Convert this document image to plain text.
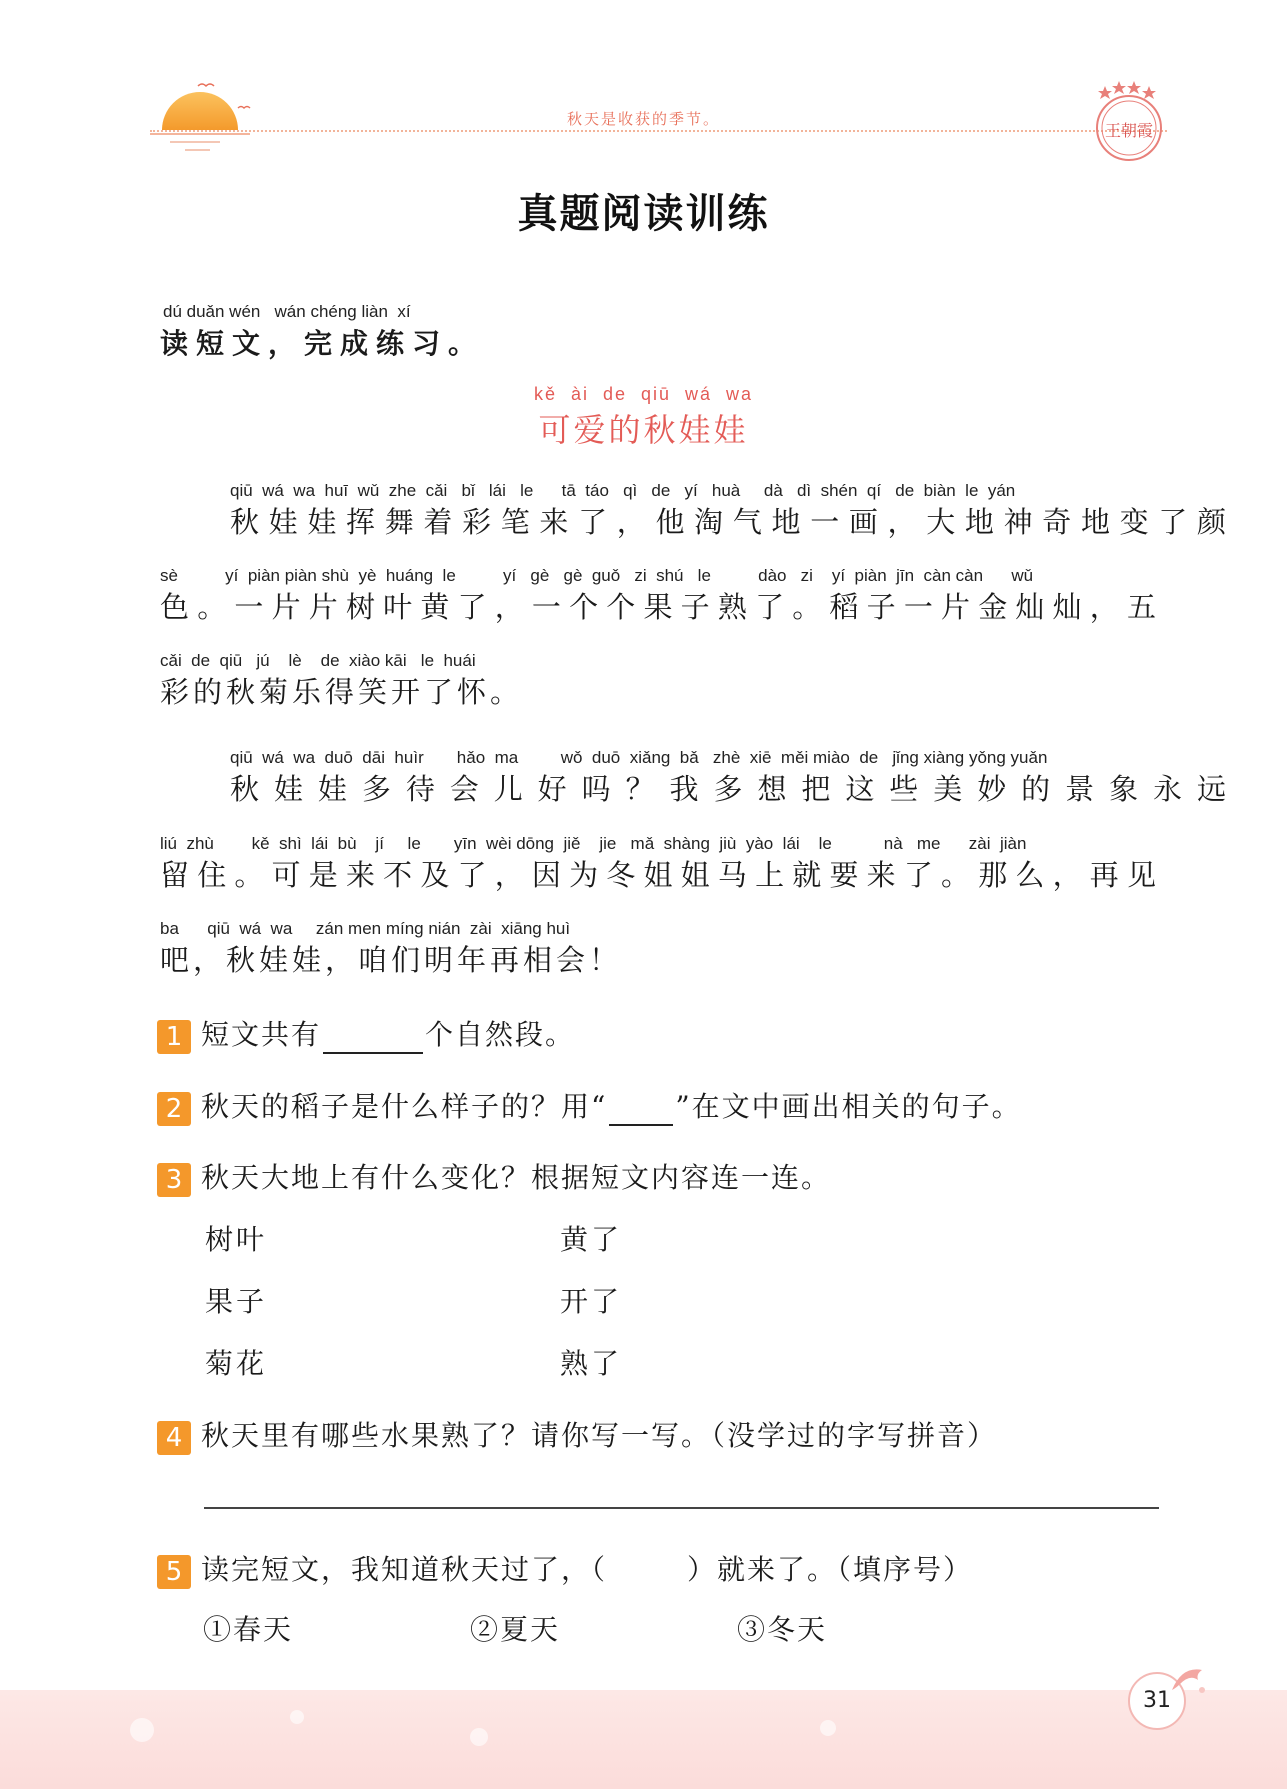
秋天是收获的季节。
王朝霞
真题阅读训练
dú duǎn wén   wán chéng liàn  xí
读短文，完成练习。
kě  ài  de  qiū  wá  wa
可爱的秋娃娃
qiū  wá  wa  huī  wǔ  zhe  cǎi   bǐ   lái   le      tā  táo   qì   de   yí   huà     dà   dì  shén  qí   de  biàn  le  yán
秋娃娃挥舞着彩笔来了，他淘气地一画，大地神奇地变了颜
sè          yí  piàn piàn shù  yè  huáng  le          yí   gè   gè  guǒ   zi  shú   le          dào   zi    yí  piàn  jīn  càn càn      wǔ
色。一片片树叶黄了，一个个果子熟了。稻子一片金灿灿，五
cǎi  de  qiū   jú    lè    de  xiào kāi   le  huái
彩的秋菊乐得笑开了怀。
qiū  wá  wa  duō  dāi  huìr       hǎo  ma         wǒ  duō  xiǎng  bǎ   zhè  xiē  měi miào  de   jǐng xiàng yǒng yuǎn
秋娃娃多待会儿好吗？我多想把这些美妙的景象永远
liú  zhù        kě  shì  lái  bù    jí     le       yīn  wèi dōng  jiě    jie   mǎ  shàng  jiù  yào  lái    le           nà   me      zài  jiàn
留住。可是来不及了，因为冬姐姐马上就要来了。那么，再见
ba      qiū  wá  wa     zán men míng nián  zài  xiāng huì
吧，秋娃娃，咱们明年再相会！
1 短文共有	个自然段。
2 秋天的稻子是什么样子的？用“ ”在文中画出相关的句子。
3 秋天大地上有什么变化？根据短文内容连一连。
树叶	黄了
果子	开了
菊花	熟了
4 秋天里有哪些水果熟了？请你写一写。（没学过的字写拼音）
5 读完短文，我知道秋天过了，（	）就来了。（填序号）
①春天	②夏天	③冬天
31
